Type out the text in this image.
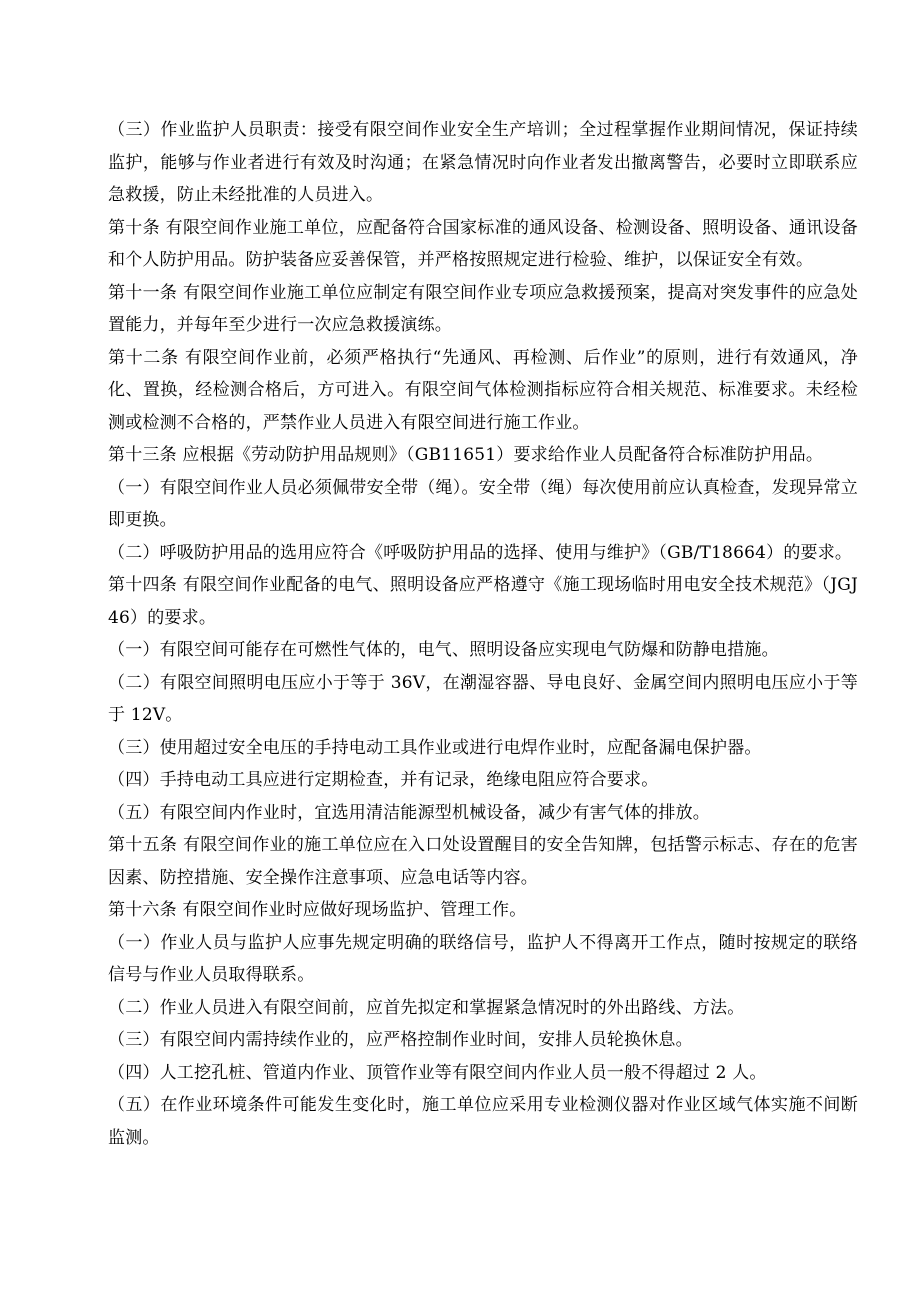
（三）作业监护人员职责：接受有限空间作业安全生产培训；全过程掌握作业期间情况，保证持续监护，能够与作业者进行有效及时沟通；在紧急情况时向作业者发出撤离警告，必要时立即联系应急救援，防止未经批准的人员进入。

第十条 有限空间作业施工单位，应配备符合国家标准的通风设备、检测设备、照明设备、通讯设备和个人防护用品。防护装备应妥善保管，并严格按照规定进行检验、维护，以保证安全有效。

第十一条 有限空间作业施工单位应制定有限空间作业专项应急救援预案，提高对突发事件的应急处置能力，并每年至少进行一次应急救援演练。

第十二条 有限空间作业前，必须严格执行“先通风、再检测、后作业”的原则，进行有效通风，净化、置换，经检测合格后，方可进入。有限空间气体检测指标应符合相关规范、标准要求。未经检测或检测不合格的，严禁作业人员进入有限空间进行施工作业。

第十三条 应根据《劳动防护用品规则》（GB11651）要求给作业人员配备符合标准防护用品。

（一）有限空间作业人员必须佩带安全带（绳）。安全带（绳）每次使用前应认真检查，发现异常立即更换。

（二）呼吸防护用品的选用应符合《呼吸防护用品的选择、使用与维护》（GB/T18664）的要求。

第十四条 有限空间作业配备的电气、照明设备应严格遵守《施工现场临时用电安全技术规范》（JGJ46）的要求。

（一）有限空间可能存在可燃性气体的，电气、照明设备应实现电气防爆和防静电措施。

（二）有限空间照明电压应小于等于 36V，在潮湿容器、导电良好、金属空间内照明电压应小于等于 12V。

（三）使用超过安全电压的手持电动工具作业或进行电焊作业时，应配备漏电保护器。

（四）手持电动工具应进行定期检查，并有记录，绝缘电阻应符合要求。

（五）有限空间内作业时，宜选用清洁能源型机械设备，减少有害气体的排放。

第十五条 有限空间作业的施工单位应在入口处设置醒目的安全告知牌，包括警示标志、存在的危害因素、防控措施、安全操作注意事项、应急电话等内容。

第十六条 有限空间作业时应做好现场监护、管理工作。

（一）作业人员与监护人应事先规定明确的联络信号，监护人不得离开工作点，随时按规定的联络信号与作业人员取得联系。

（二）作业人员进入有限空间前，应首先拟定和掌握紧急情况时的外出路线、方法。

（三）有限空间内需持续作业的，应严格控制作业时间，安排人员轮换休息。

（四）人工挖孔桩、管道内作业、顶管作业等有限空间内作业人员一般不得超过 2 人。

（五）在作业环境条件可能发生变化时，施工单位应采用专业检测仪器对作业区域气体实施不间断监测。
